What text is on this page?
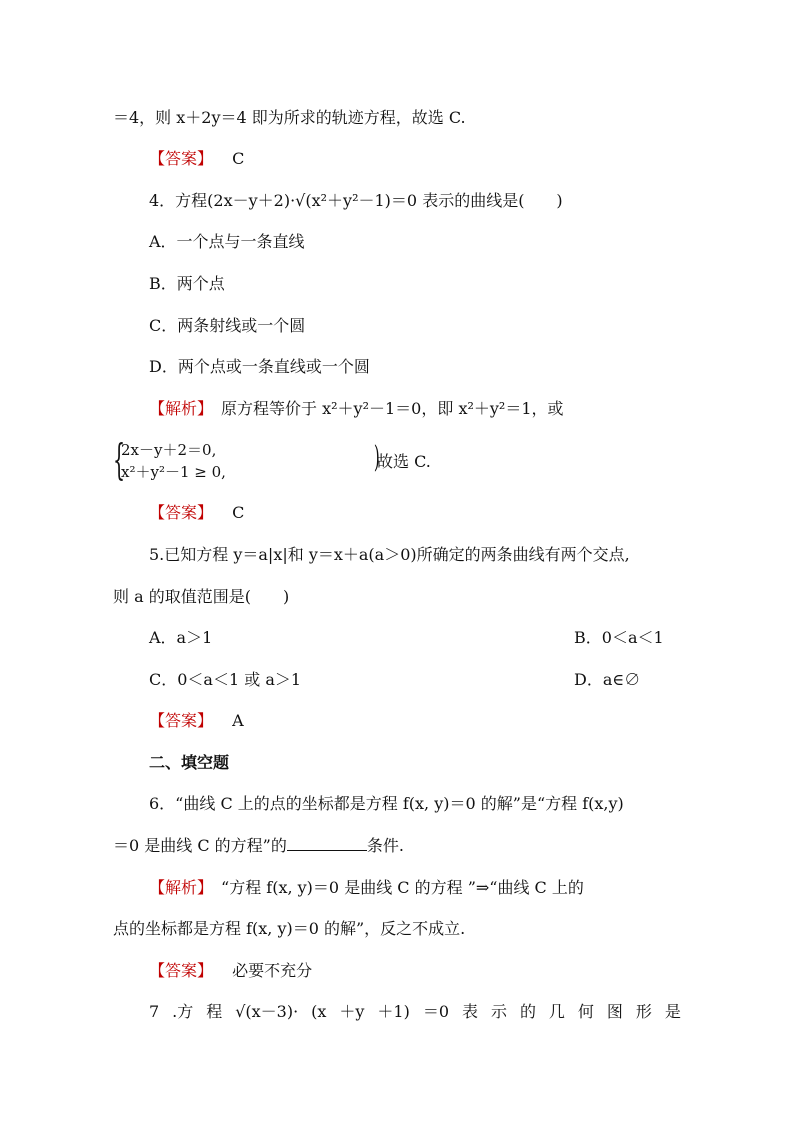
＝4，则 x＋2y＝4 即为所求的轨迹方程，故选 C.
【答案】 C
4．方程(2x－y＋2)·√(x²＋y²－1)＝0 表示的曲线是(　　)
A．一个点与一条直线
B．两个点
C．两条射线或一个圆
D．两个点或一条直线或一个圆
【解析】　原方程等价于 x²＋y²－1＝0，即 x²＋y²＝1，或
{
2x－y＋2＝0,
x²＋y²－1 ≥ 0,	)
故选 C.
【答案】 C
5.已知方程 y＝a|x|和 y＝x＋a(a＞0)所确定的两条曲线有两个交点,
则 a 的取值范围是(　　)
A．a＞1	B．0＜a＜1
C．0＜a＜1 或 a＞1	D．a∈∅
【答案】 A
二、填空题
6．“曲线 C 上的点的坐标都是方程 f(x, y)＝0 的解”是“方程 f(x,y)
＝0 是曲线 C 的方程”的	条件.
【解析】　“方程 f(x, y)＝0 是曲线 C 的方程 ”⇒“曲线 C 上的
点的坐标都是方程 f(x, y)＝0 的解”，反之不成立.
【答案】 必要不充分
7 .方 程 √(x－3)· (x ＋y ＋1) ＝0 表 示 的 几 何 图 形 是
